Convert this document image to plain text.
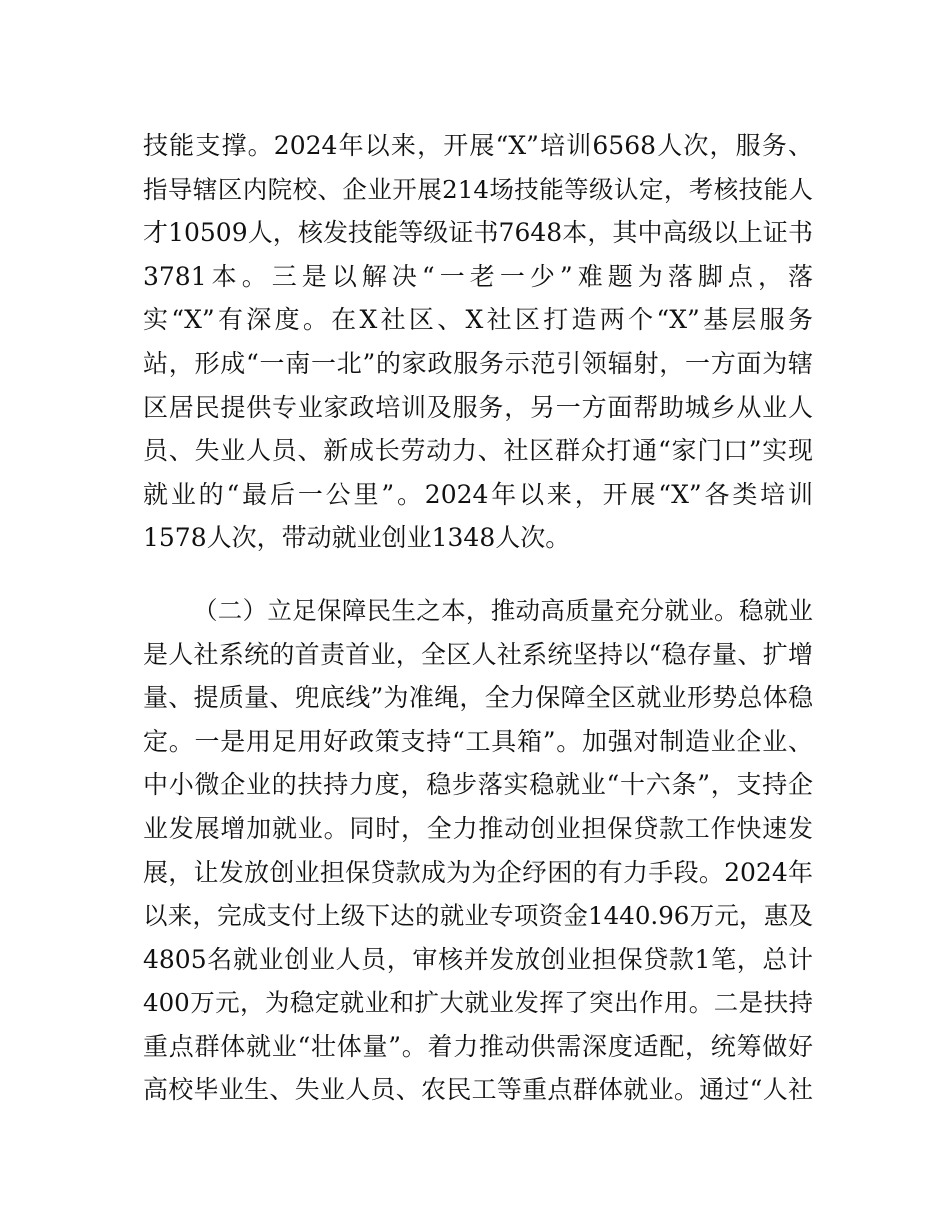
技能支撑。2024年以来，开展“X”培训6568人次，服务、
指导辖区内院校、企业开展214场技能等级认定，考核技能人
才10509人，核发技能等级证书7648本，其中高级以上证书
3781本。三是以解决“一老一少”难题为落脚点，落
实“X”有深度。在X社区、X社区打造两个“X”基层服务
站，形成“一南一北”的家政服务示范引领辐射，一方面为辖
区居民提供专业家政培训及服务，另一方面帮助城乡从业人
员、失业人员、新成长劳动力、社区群众打通“家门口”实现
就业的“最后一公里”。2024年以来，开展“X”各类培训
1578人次，带动就业创业1348人次。
（二）立足保障民生之本，推动高质量充分就业。稳就业
是人社系统的首责首业，全区人社系统坚持以“稳存量、扩增
量、提质量、兜底线”为准绳，全力保障全区就业形势总体稳
定。一是用足用好政策支持“工具箱”。加强对制造业企业、
中小微企业的扶持力度，稳步落实稳就业“十六条”，支持企
业发展增加就业。同时，全力推动创业担保贷款工作快速发
展，让发放创业担保贷款成为为企纾困的有力手段。2024年
以来，完成支付上级下达的就业专项资金1440.96万元，惠及
4805名就业创业人员，审核并发放创业担保贷款1笔，总计
400万元，为稳定就业和扩大就业发挥了突出作用。二是扶持
重点群体就业“壮体量”。着力推动供需深度适配，统筹做好
高校毕业生、失业人员、农民工等重点群体就业。通过“人社
